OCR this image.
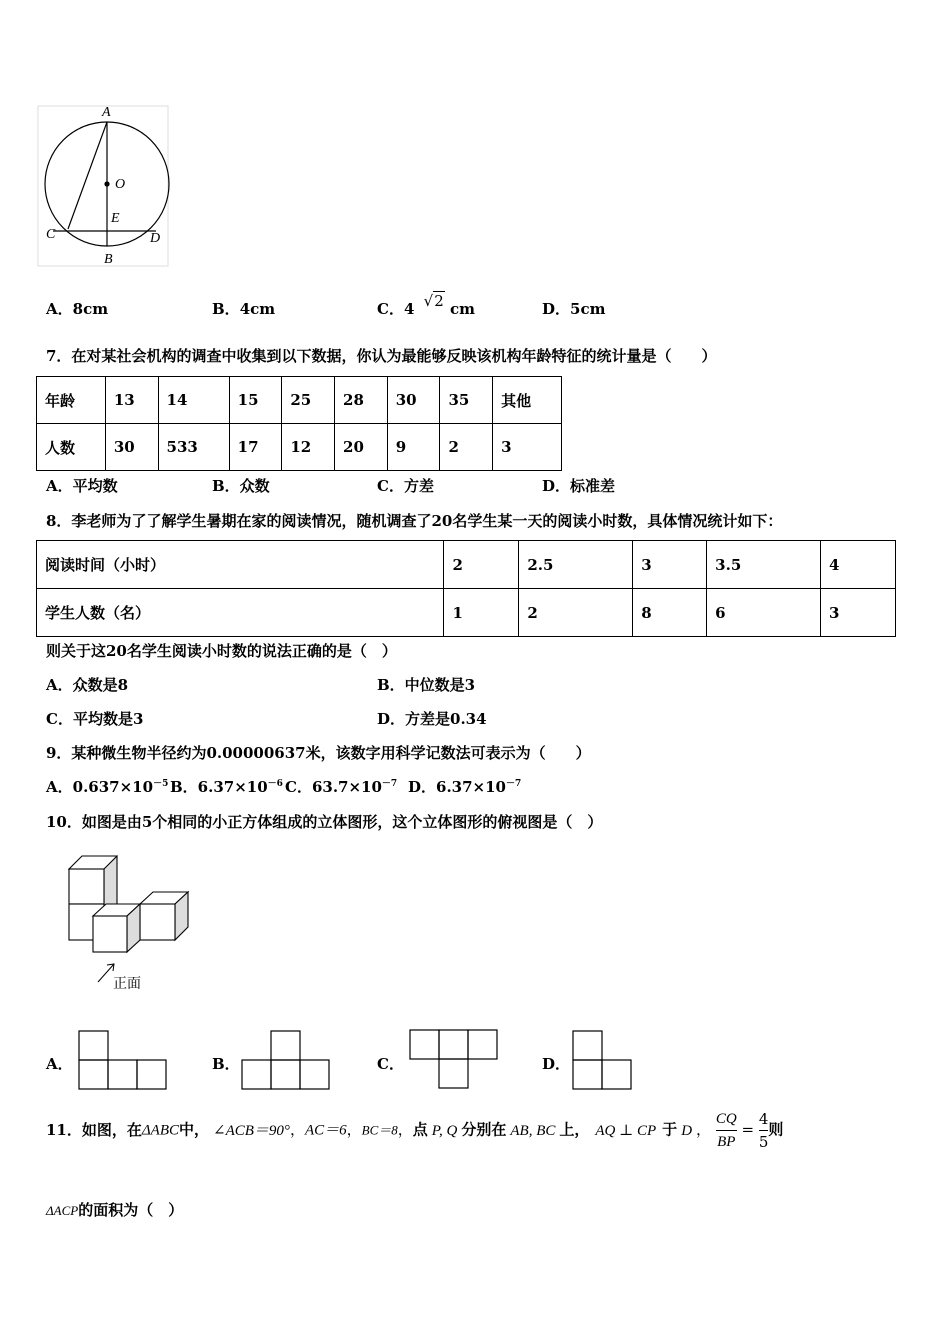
A
O
E
C	D
B
A．8cm	B．4cm	C．4 √2 cm	D．5cm
7．在对某社会机构的调查中收集到以下数据，你认为最能够反映该机构年龄特征的统计量是（　　）
年龄	13	14	15	25	28	30	35	其他
人数	30	533	17	12	20	9	2	3
A．平均数	B．众数	C．方差	D．标准差
8．李老师为了了解学生暑期在家的阅读情况，随机调查了20名学生某一天的阅读小时数，具体情况统计如下：
阅读时间（小时）	2	2.5	3	3.5	4
学生人数（名）	1	2	8	6	3
则关于这20名学生阅读小时数的说法正确的是（　）
A．众数是8	B．中位数是3
C．平均数是3	D．方差是0.34
9．某种微生物半径约为0.00000637米，该数字用科学记数法可表示为（　　）
A．$0.637\times 10^{-5}$ B．$6.37\times 10^{-6}$ C．$63.7\times 10^{-7}$ D．$6.37\times 10^{-7}$
10．如图是由5个相同的小正方体组成的立体图形，这个立体图形的俯视图是（　）
正面
A．	B．	C．	D．
11．如图，在ΔABC中， ∠ACB＝90°，AC＝6，BC＝8，点 P, Q 分别在 AB, BC 上， AQ ⊥ CP 于 D ， $\frac{CQ}{BP} = \frac{4}{5}$ 则
ΔACP的面积为（　）
